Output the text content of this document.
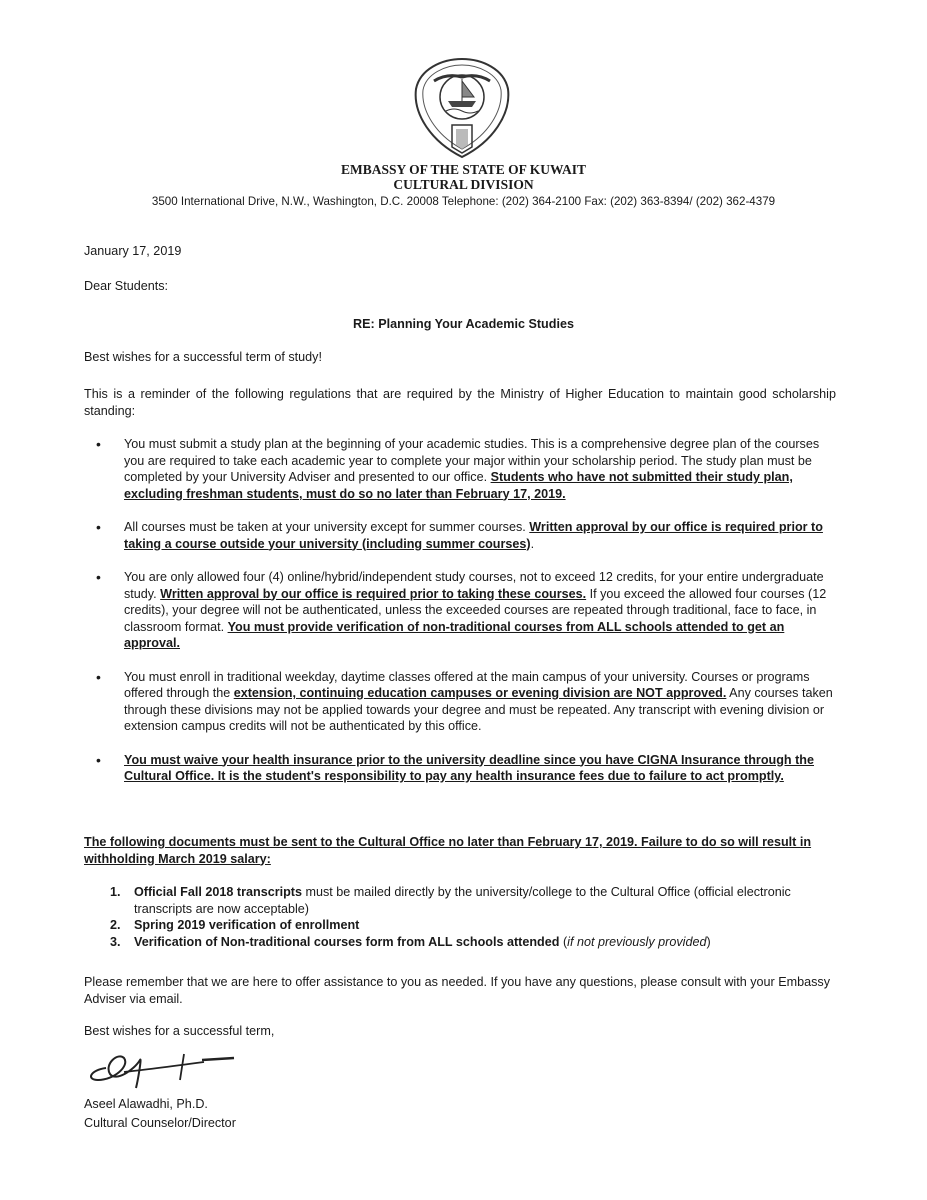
EMBASSY OF THE STATE OF KUWAIT
CULTURAL DIVISION
3500 International Drive, N.W., Washington, D.C. 20008 Telephone: (202) 364-2100 Fax: (202) 363-8394/ (202) 362-4379
January 17, 2019
Dear Students:
RE: Planning Your Academic Studies
Best wishes for a successful term of study!
This is a reminder of the following regulations that are required by the Ministry of Higher Education to maintain good scholarship standing:
• You must submit a study plan at the beginning of your academic studies. This is a comprehensive degree plan of the courses you are required to take each academic year to complete your major within your scholarship period. The study plan must be completed by your University Adviser and presented to our office. Students who have not submitted their study plan, excluding freshman students, must do so no later than February 17, 2019.
• All courses must be taken at your university except for summer courses. Written approval by our office is required prior to taking a course outside your university (including summer courses).
• You are only allowed four (4) online/hybrid/independent study courses, not to exceed 12 credits, for your entire undergraduate study. Written approval by our office is required prior to taking these courses. If you exceed the allowed four courses (12 credits), your degree will not be authenticated, unless the exceeded courses are repeated through traditional, face to face, in classroom format. You must provide verification of non-traditional courses from ALL schools attended to get an approval.
• You must enroll in traditional weekday, daytime classes offered at the main campus of your university. Courses or programs offered through the extension, continuing education campuses or evening division are NOT approved. Any courses taken through these divisions may not be applied towards your degree and must be repeated. Any transcript with evening division or extension campus credits will not be authenticated by this office.
• You must waive your health insurance prior to the university deadline since you have CIGNA Insurance through the Cultural Office. It is the student's responsibility to pay any health insurance fees due to failure to act promptly.
The following documents must be sent to the Cultural Office no later than February 17, 2019. Failure to do so will result in withholding March 2019 salary:
1. Official Fall 2018 transcripts must be mailed directly by the university/college to the Cultural Office (official electronic transcripts are now acceptable)
2. Spring 2019 verification of enrollment
3. Verification of Non-traditional courses form from ALL schools attended (if not previously provided)
Please remember that we are here to offer assistance to you as needed. If you have any questions, please consult with your Embassy Adviser via email.
Best wishes for a successful term,
Aseel Alawadhi, Ph.D.
Cultural Counselor/Director
